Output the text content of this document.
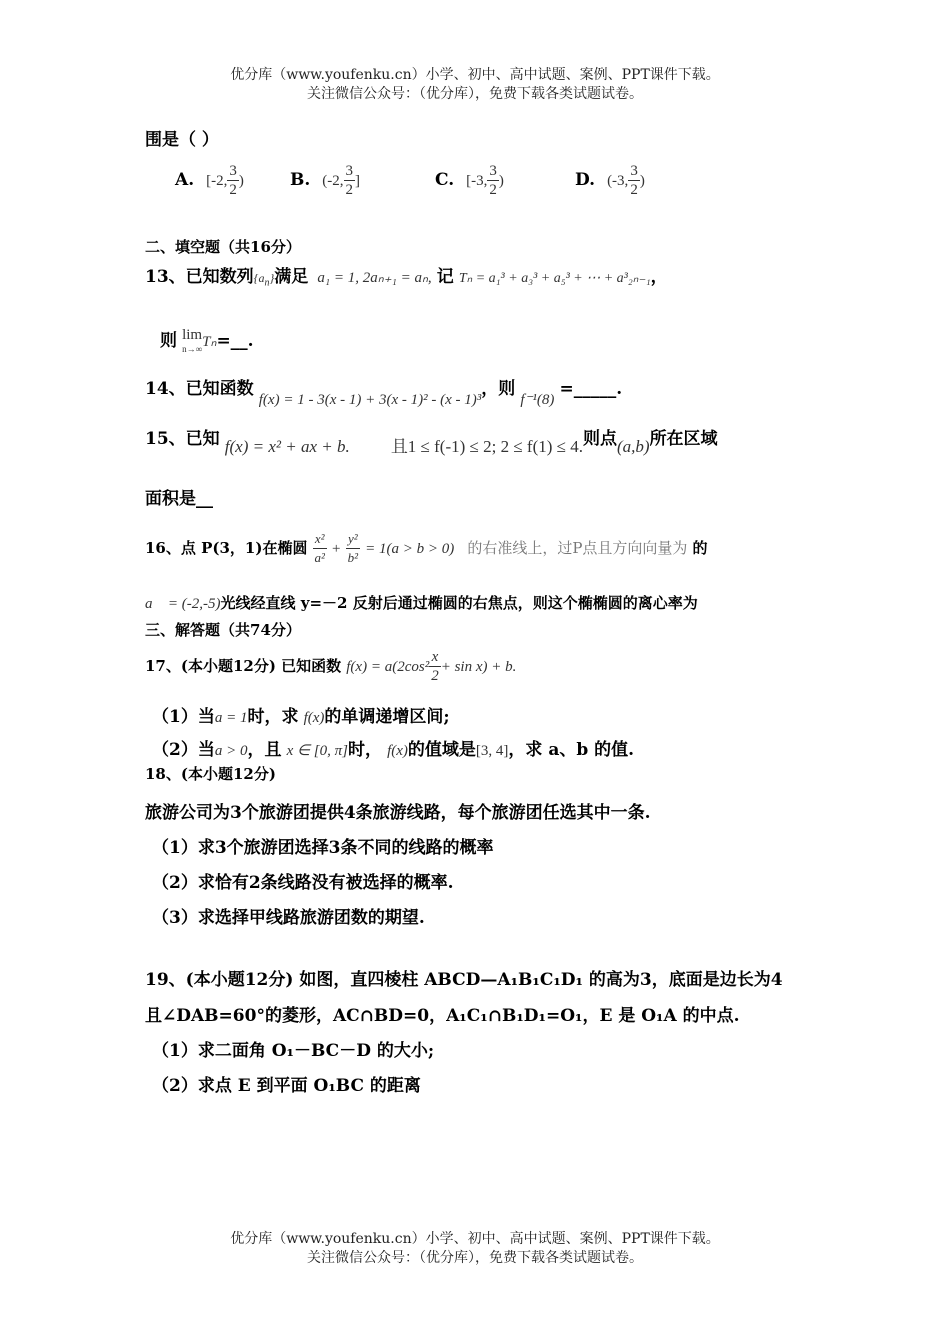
优分库（www.youfenku.cn）小学、初中、高中试题、案例、PPT课件下载。
关注微信公众号：（优分库），免费下载各类试题试卷。
围是（ ）
A. [-2, $\frac{3}{2}$ )	B. (-2, $\frac{3}{2}$ ]	C. [-3, $\frac{3}{2}$ )	D. (-3, $\frac{3}{2}$ )
二、填空题（共16分）
13、已知数列$\{a_n\}$满足 a₁ = 1, 2aₙ₊₁ = aₙ, 记 Tₙ = a₁³ + a₃³ + a₅³ + ⋯ + a³₂ₙ₋₁，
则 lim
n→∞ Tₙ=__.
14、已知函数 f(x) = 1 - 3(x - 1) + 3(x - 1)² - (x - 1)³，则 f⁻¹(8) =_____.
15、已知 f(x) = x² + ax + b. 且1 ≤ f(-1) ≤ 2; 2 ≤ f(1) ≤ 4.则点(a,b)所在区域
面积是__
16、点 P(3，1)在椭圆 $\frac{\text{x²}}{\text{a²}} + \frac{\text{y²}}{\text{b²}} = 1(a > b > 0)$ 的右准线上，过P点且方向向量为 的
a⃗ = (-2,-5)光线经直线 y=－2 反射后通过椭圆的右焦点，则这个椭椭圆的离心率为
三、解答题（共74分）
17、(本小题12分) 已知函数 $f(x) = a(2\cos^2 \frac{x}{2} + \sin x) + b$.
（1）当a = 1时，求 f(x)的单调递增区间;
（2）当a > 0，且 x ∈ [0, π]时， f(x)的值域是[3, 4]，求 a、b 的值.
18、(本小题12分)
旅游公司为3个旅游团提供4条旅游线路，每个旅游团任选其中一条.
（1）求3个旅游团选择3条不同的线路的概率
（2）求恰有2条线路没有被选择的概率.
（3）求选择甲线路旅游团数的期望.
19、(本小题12分) 如图，直四棱柱 ABCD—A₁B₁C₁D₁ 的高为3，底面是边长为4
且∠DAB=60°的菱形，AC∩BD=0，A₁C₁∩B₁D₁=O₁，E 是 O₁A 的中点.
（1）求二面角 O₁－BC－D 的大小;
（2）求点 E 到平面 O₁BC 的距离
优分库（www.youfenku.cn）小学、初中、高中试题、案例、PPT课件下载。
关注微信公众号：（优分库），免费下载各类试题试卷。
